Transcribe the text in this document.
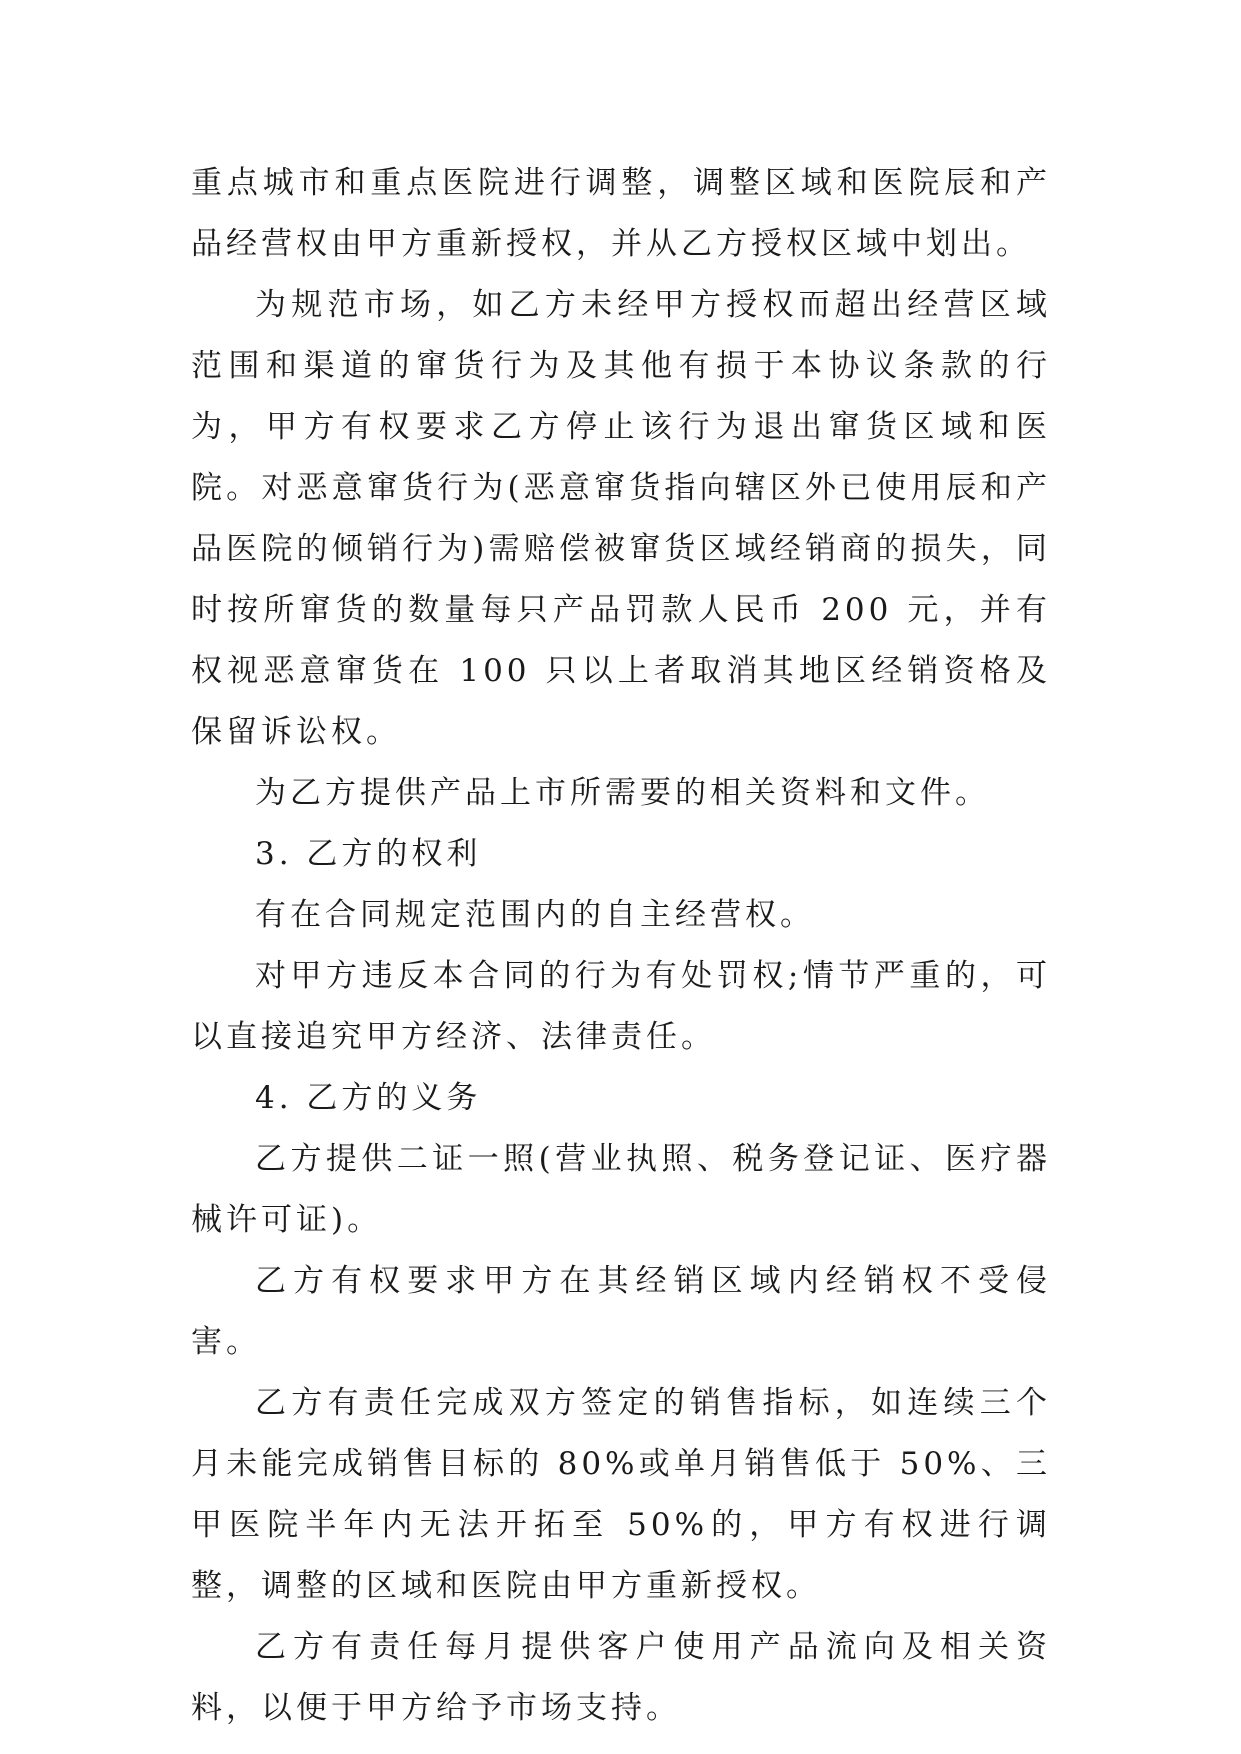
重点城市和重点医院进行调整，调整区域和医院辰和产品经营权由甲方重新授权，并从乙方授权区域中划出。

为规范市场，如乙方未经甲方授权而超出经营区域范围和渠道的窜货行为及其他有损于本协议条款的行为，甲方有权要求乙方停止该行为退出窜货区域和医院。对恶意窜货行为(恶意窜货指向辖区外已使用辰和产品医院的倾销行为)需赔偿被窜货区域经销商的损失，同时按所窜货的数量每只产品罚款人民币 200 元，并有权视恶意窜货在 100 只以上者取消其地区经销资格及保留诉讼权。

为乙方提供产品上市所需要的相关资料和文件。

3. 乙方的权利

有在合同规定范围内的自主经营权。

对甲方违反本合同的行为有处罚权;情节严重的，可以直接追究甲方经济、法律责任。

4. 乙方的义务

乙方提供二证一照(营业执照、税务登记证、医疗器械许可证)。

乙方有权要求甲方在其经销区域内经销权不受侵害。

乙方有责任完成双方签定的销售指标，如连续三个月未能完成销售目标的 80%或单月销售低于 50%、三甲医院半年内无法开拓至 50%的，甲方有权进行调整，调整的区域和医院由甲方重新授权。

乙方有责任每月提供客户使用产品流向及相关资料，以便于甲方给予市场支持。
